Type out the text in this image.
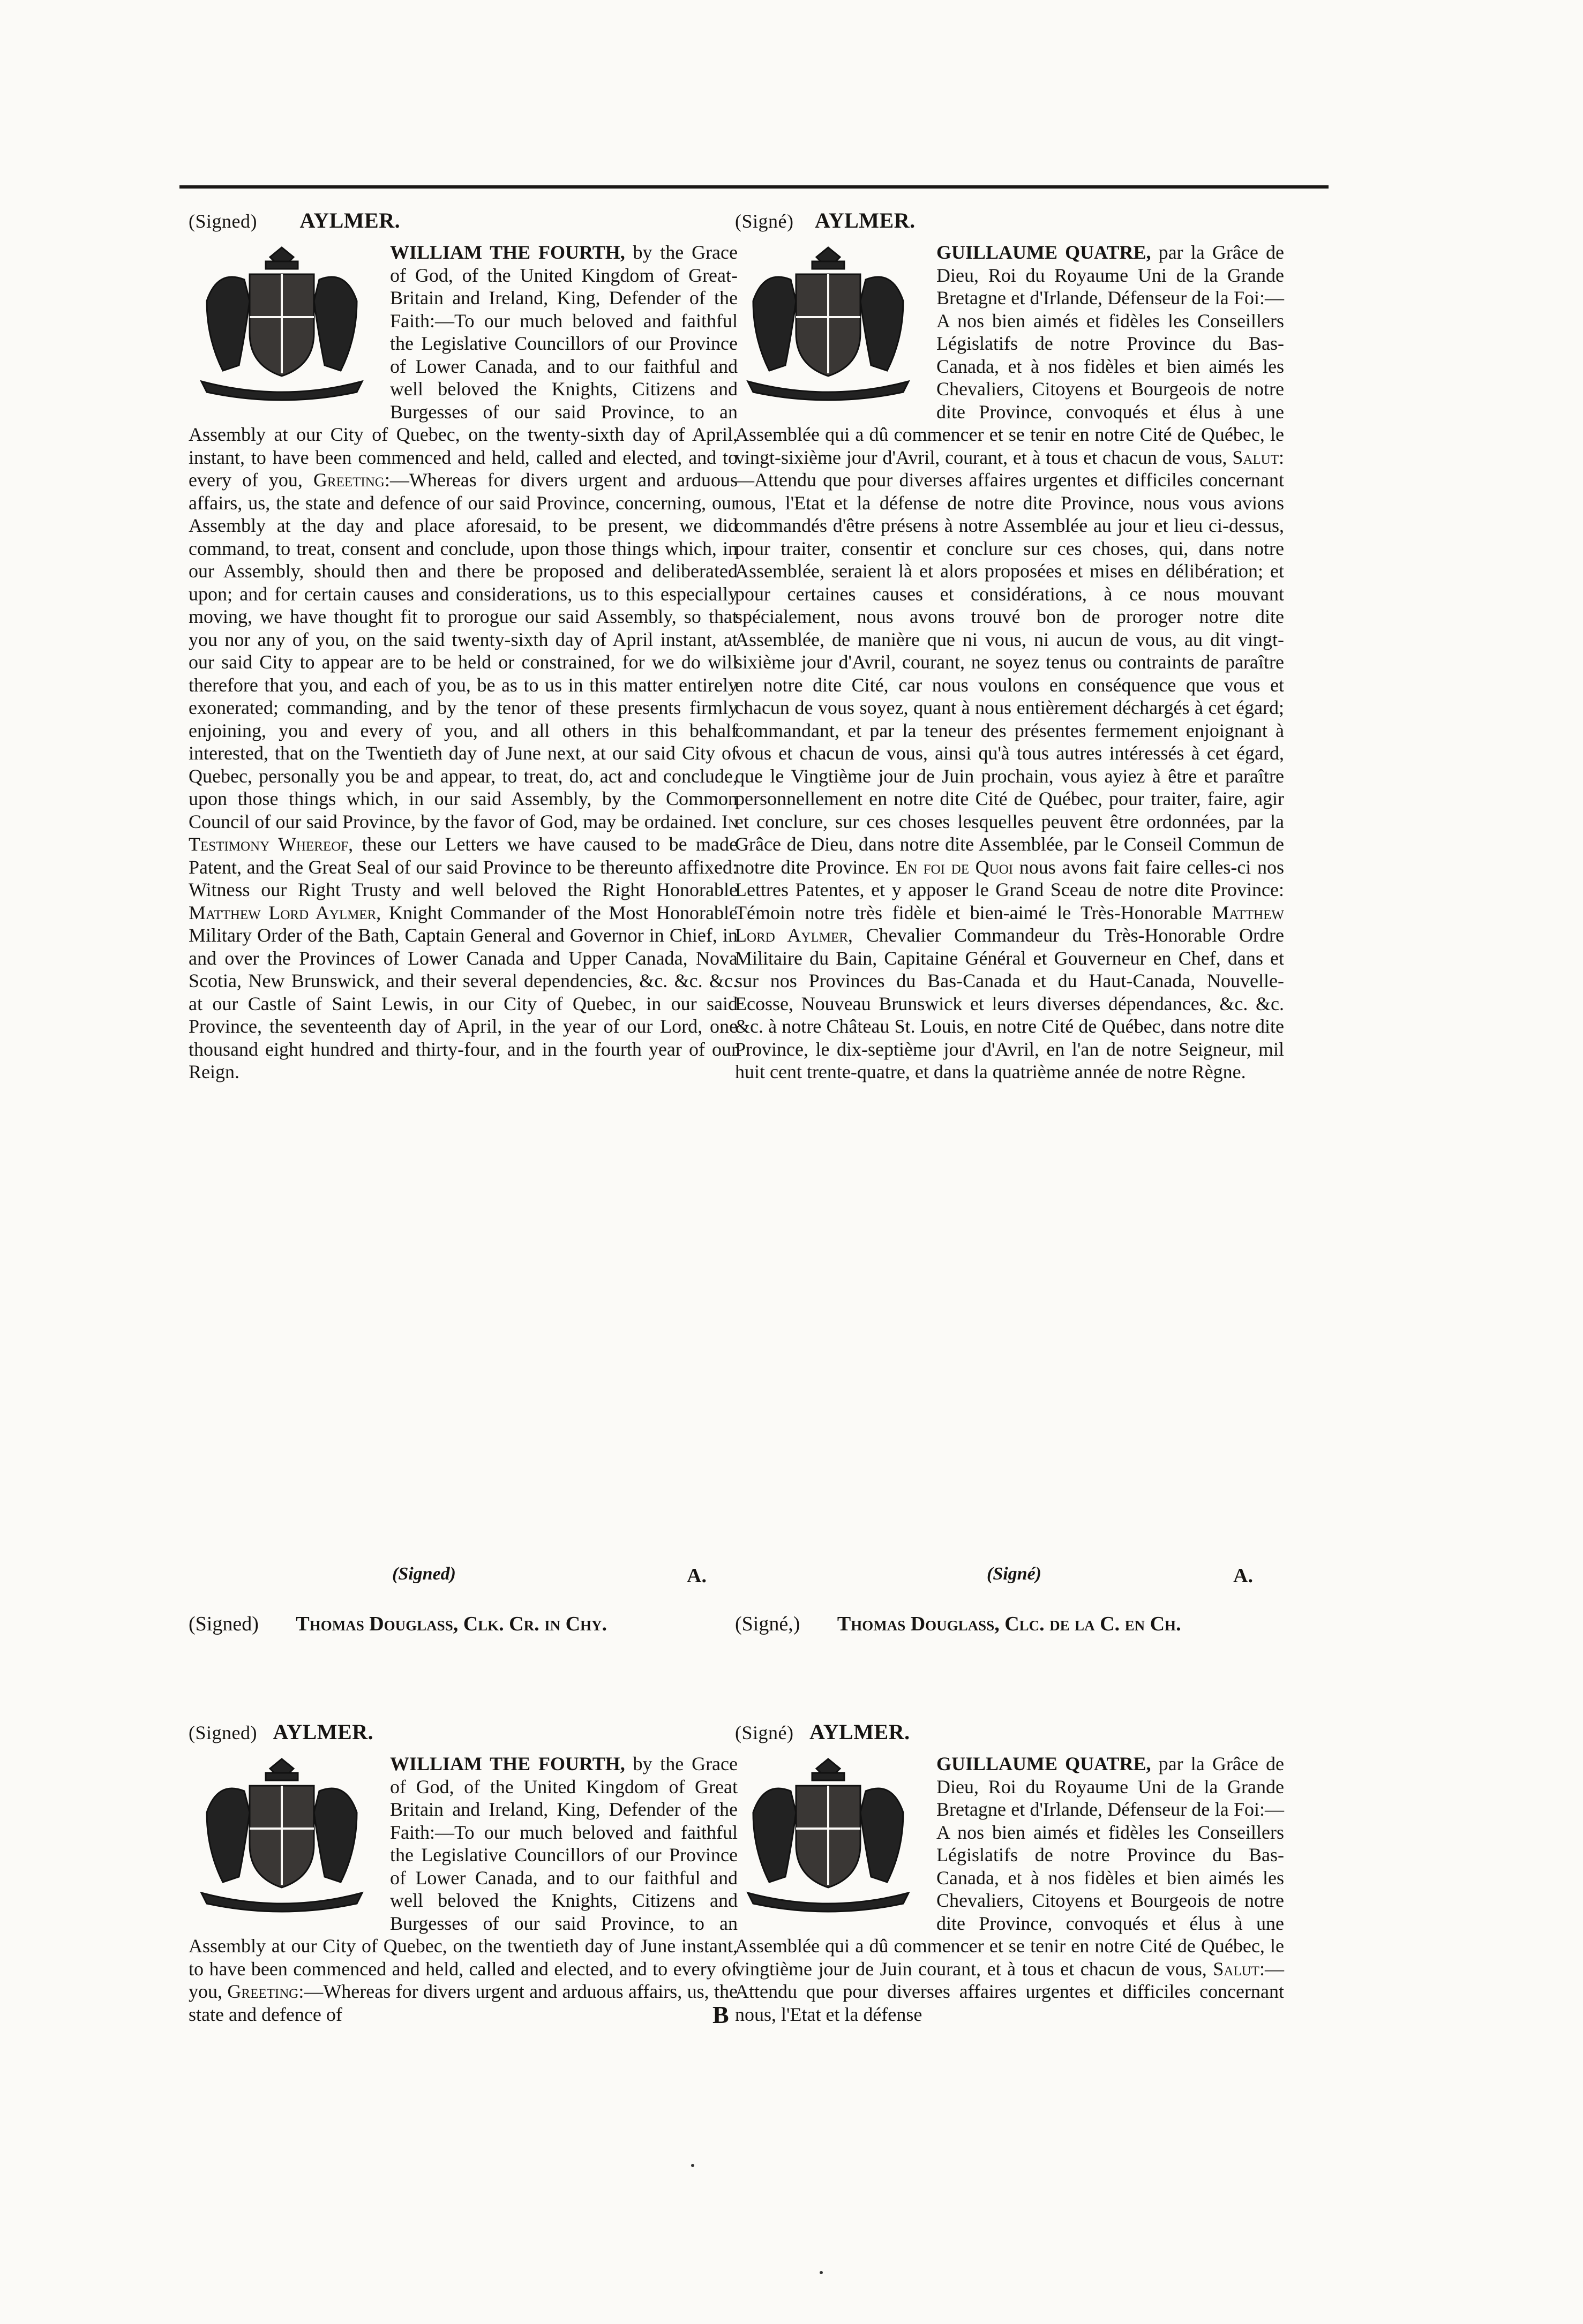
(Signed) AYLMER.

WILLIAM THE FOURTH, by the Grace of God, of the United Kingdom of Great-Britain and Ireland, King, Defender of the Faith:—To our much beloved and faithful the Legislative Councillors of our Province of Lower Canada, and to our faithful and well beloved the Knights, Citizens and Burgesses of our said Province, to an Assembly at our City of Quebec, on the twenty-sixth day of April, instant, to have been commenced and held, called and elected, and to every of you, Greeting:—Whereas for divers urgent and arduous affairs, us, the state and defence of our said Province, concerning, our Assembly at the day and place aforesaid, to be present, we did command, to treat, consent and conclude, upon those things which, in our Assembly, should then and there be proposed and deliberated upon; and for certain causes and considerations, us to this especially moving, we have thought fit to prorogue our said Assembly, so that you nor any of you, on the said twenty-sixth day of April instant, at our said City to appear are to be held or constrained, for we do will therefore that you, and each of you, be as to us in this matter entirely exonerated; commanding, and by the tenor of these presents firmly enjoining, you and every of you, and all others in this behalf interested, that on the Twentieth day of June next, at our said City of Quebec, personally you be and appear, to treat, do, act and conclude, upon those things which, in our said Assembly, by the Common Council of our said Province, by the favor of God, may be ordained. In Testimony Whereof, these our Letters we have caused to be made Patent, and the Great Seal of our said Province to be thereunto affixed: Witness our Right Trusty and well beloved the Right Honorable Matthew Lord Aylmer, Knight Commander of the Most Honorable Military Order of the Bath, Captain General and Governor in Chief, in and over the Provinces of Lower Canada and Upper Canada, Nova Scotia, New Brunswick, and their several dependencies, &c. &c. &c. at our Castle of Saint Lewis, in our City of Quebec, in our said Province, the seventeenth day of April, in the year of our Lord, one thousand eight hundred and thirty-four, and in the fourth year of our Reign.

(Signed)	A.
(Signed) Thomas Douglass, Clk. Cr. in Chy.
(Signed) AYLMER.

WILLIAM THE FOURTH, by the Grace of God, of the United Kingdom of Great Britain and Ireland, King, Defender of the Faith:—To our much beloved and faithful the Legislative Councillors of our Province of Lower Canada, and to our faithful and well beloved the Knights, Citizens and Burgesses of our said Province, to an Assembly at our City of Quebec, on the twentieth day of June instant, to have been commenced and held, called and elected, and to every of you, Greeting:—Whereas for divers urgent and arduous affairs, us, the state and defence of

(Signé) AYLMER.

GUILLAUME QUATRE, par la Grâce de Dieu, Roi du Royaume Uni de la Grande Bretagne et d'Irlande, Défenseur de la Foi:—A nos bien aimés et fidèles les Conseillers Législatifs de notre Province du Bas-Canada, et à nos fidèles et bien aimés les Chevaliers, Citoyens et Bourgeois de notre dite Province, convoqués et élus à une Assemblée qui a dû commencer et se tenir en notre Cité de Québec, le vingt-sixième jour d'Avril, courant, et à tous et chacun de vous, Salut:—Attendu que pour diverses affaires urgentes et difficiles concernant nous, l'Etat et la défense de notre dite Province, nous vous avions commandés d'être présens à notre Assemblée au jour et lieu ci-dessus, pour traiter, consentir et conclure sur ces choses, qui, dans notre Assemblée, seraient là et alors proposées et mises en délibération; et pour certaines causes et considérations, à ce nous mouvant spécialement, nous avons trouvé bon de proroger notre dite Assemblée, de manière que ni vous, ni aucun de vous, au dit vingt-sixième jour d'Avril, courant, ne soyez tenus ou contraints de paraître en notre dite Cité, car nous voulons en conséquence que vous et chacun de vous soyez, quant à nous entièrement déchargés à cet égard; commandant, et par la teneur des présentes fermement enjoignant à vous et chacun de vous, ainsi qu'à tous autres intéressés à cet égard, que le Vingtième jour de Juin prochain, vous ayiez à être et paraître personnellement en notre dite Cité de Québec, pour traiter, faire, agir et conclure, sur ces choses lesquelles peuvent être ordonnées, par la Grâce de Dieu, dans notre dite Assemblée, par le Conseil Commun de notre dite Province. En foi de Quoi nous avons fait faire celles-ci nos Lettres Patentes, et y apposer le Grand Sceau de notre dite Province: Témoin notre très fidèle et bien-aimé le Très-Honorable Matthew Lord Aylmer, Chevalier Commandeur du Très-Honorable Ordre Militaire du Bain, Capitaine Général et Gouverneur en Chef, dans et sur nos Provinces du Bas-Canada et du Haut-Canada, Nouvelle-Ecosse, Nouveau Brunswick et leurs diverses dépendances, &c. &c. &c. à notre Château St. Louis, en notre Cité de Québec, dans notre dite Province, le dix-septième jour d'Avril, en l'an de notre Seigneur, mil huit cent trente-quatre, et dans la quatrième année de notre Règne.

(Signé)	A.
(Signé,) Thomas Douglass, Clc. de la C. en Ch.
(Signé) AYLMER.

GUILLAUME QUATRE, par la Grâce de Dieu, Roi du Royaume Uni de la Grande Bretagne et d'Irlande, Défenseur de la Foi:—A nos bien aimés et fidèles les Conseillers Législatifs de notre Province du Bas-Canada, et à nos fidèles et bien aimés les Chevaliers, Citoyens et Bourgeois de notre dite Province, convoqués et élus à une Assemblée qui a dû commencer et se tenir en notre Cité de Québec, le vingtième jour de Juin courant, et à tous et chacun de vous, Salut:—Attendu que pour diverses affaires urgentes et difficiles concernant nous, l'Etat et la défense

B
